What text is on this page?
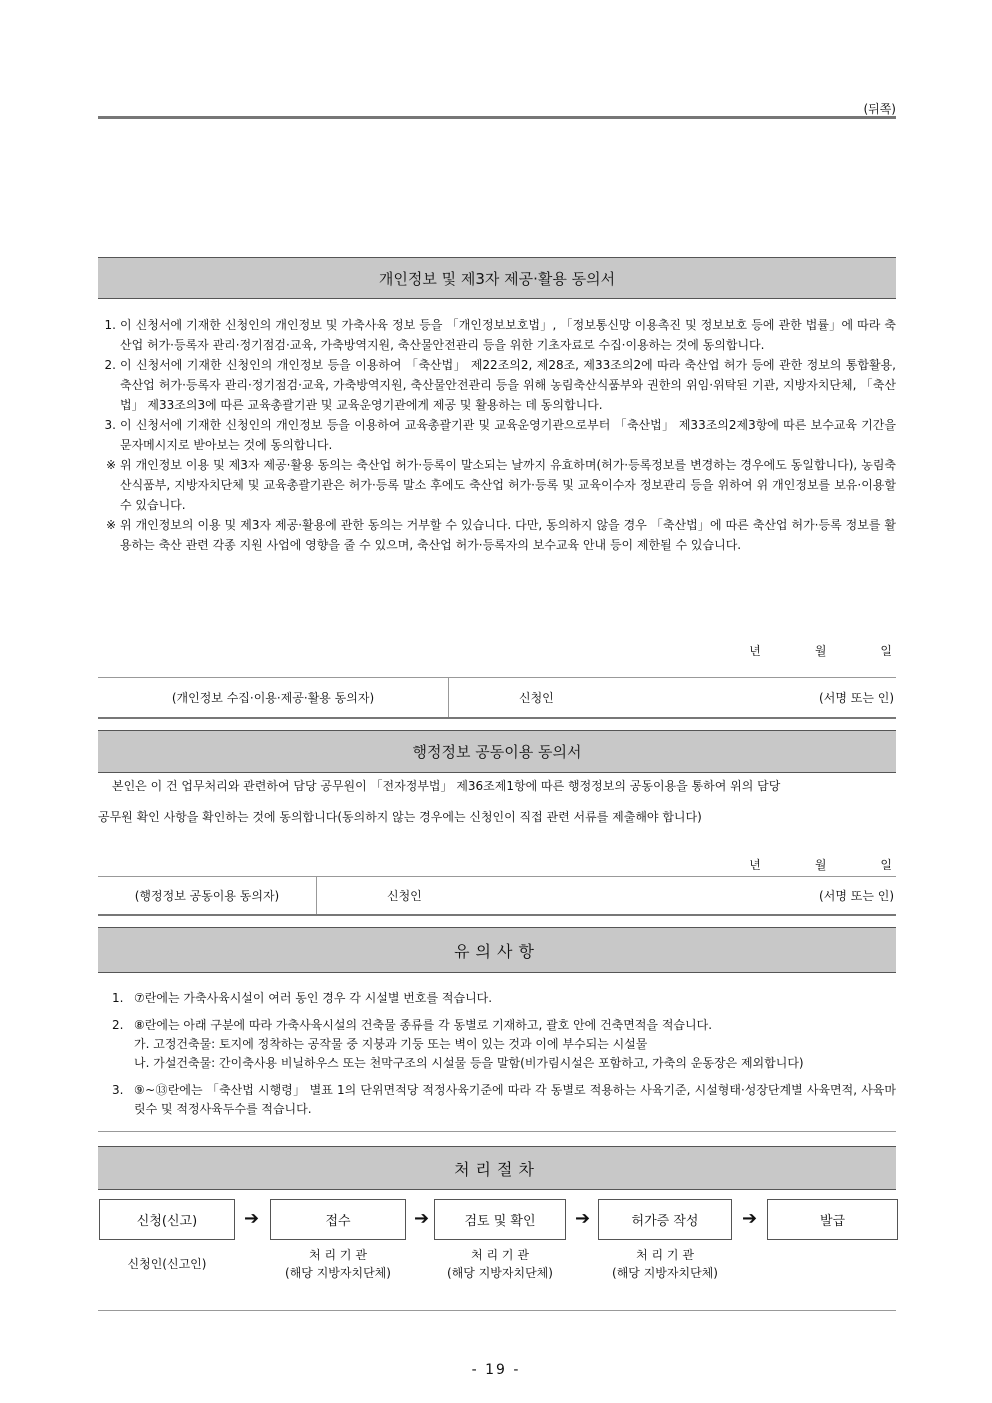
(뒤쪽)
개인정보 및 제3자 제공·활용 동의서
1. 이 신청서에 기재한 신청인의 개인정보 및 가축사육 정보 등을 「개인정보보호법」, 「정보통신망 이용촉진 및 정보보호 등에 관한 법률」에 따라 축산업 허가·등록자 관리·정기점검·교육, 가축방역지원, 축산물안전관리 등을 위한 기초자료로 수집·이용하는 것에 동의합니다.
2. 이 신청서에 기재한 신청인의 개인정보 등을 이용하여 「축산법」 제22조의2, 제28조, 제33조의2에 따라 축산업 허가 등에 관한 정보의 통합활용, 축산업 허가·등록자 관리·정기점검·교육, 가축방역지원, 축산물안전관리 등을 위해 농림축산식품부와 권한의 위임·위탁된 기관, 지방자치단체, 「축산법」 제33조의3에 따른 교육총괄기관 및 교육운영기관에게 제공 및 활용하는 데 동의합니다.
3. 이 신청서에 기재한 신청인의 개인정보 등을 이용하여 교육총괄기관 및 교육운영기관으로부터 「축산법」 제33조의2제3항에 따른 보수교육 기간을 문자메시지로 받아보는 것에 동의합니다.
※ 위 개인정보 이용 및 제3자 제공·활용 동의는 축산업 허가·등록이 말소되는 날까지 유효하며(허가·등록정보를 변경하는 경우에도 동일합니다), 농림축산식품부, 지방자치단체 및 교육총괄기관은 허가·등록 말소 후에도 축산업 허가·등록 및 교육이수자 정보관리 등을 위하여 위 개인정보를 보유·이용할 수 있습니다.
※ 위 개인정보의 이용 및 제3자 제공·활용에 관한 동의는 거부할 수 있습니다. 다만, 동의하지 않을 경우 「축산법」에 따른 축산업 허가·등록 정보를 활용하는 축산 관련 각종 지원 사업에 영향을 줄 수 있으며, 축산업 허가·등록자의 보수교육 안내 등이 제한될 수 있습니다.
년	월	일
(개인정보 수집·이용·제공·활용 동의자)	신청인	(서명 또는 인)
행정정보 공동이용 동의서
본인은 이 건 업무처리와 관련하여 담당 공무원이 「전자정부법」 제36조제1항에 따른 행정정보의 공동이용을 통하여 위의 담당
공무원 확인 사항을 확인하는 것에 동의합니다(동의하지 않는 경우에는 신청인이 직접 관련 서류를 제출해야 합니다)
년	월	일
(행정정보 공동이용 동의자)	신청인	(서명 또는 인)
유의사항
1. ⑦란에는 가축사육시설이 여러 동인 경우 각 시설별 번호를 적습니다.
2. ⑧란에는 아래 구분에 따라 가축사육시설의 건축물 종류를 각 동별로 기재하고, 괄호 안에 건축면적을 적습니다.
가. 고정건축물: 토지에 정착하는 공작물 중 지붕과 기둥 또는 벽이 있는 것과 이에 부수되는 시설물
나. 가설건축물: 간이축사용 비닐하우스 또는 천막구조의 시설물 등을 말함(비가림시설은 포함하고, 가축의 운동장은 제외합니다)
3. ⑨~⑬란에는 「축산법 시행령」 별표 1의 단위면적당 적정사육기준에 따라 각 동별로 적용하는 사육기준, 시설형태·성장단계별 사육면적, 사육마릿수 및 적정사육두수를 적습니다.
처리절차
신청(신고)	➔	접수	➔	검토 및 확인	➔	허가증 작성	➔	발급
신청인(신고인)
처 리 기 관
(해당 지방자치단체)
처 리 기 관
(해당 지방자치단체)
처 리 기 관
(해당 지방자치단체)
- 19 -
